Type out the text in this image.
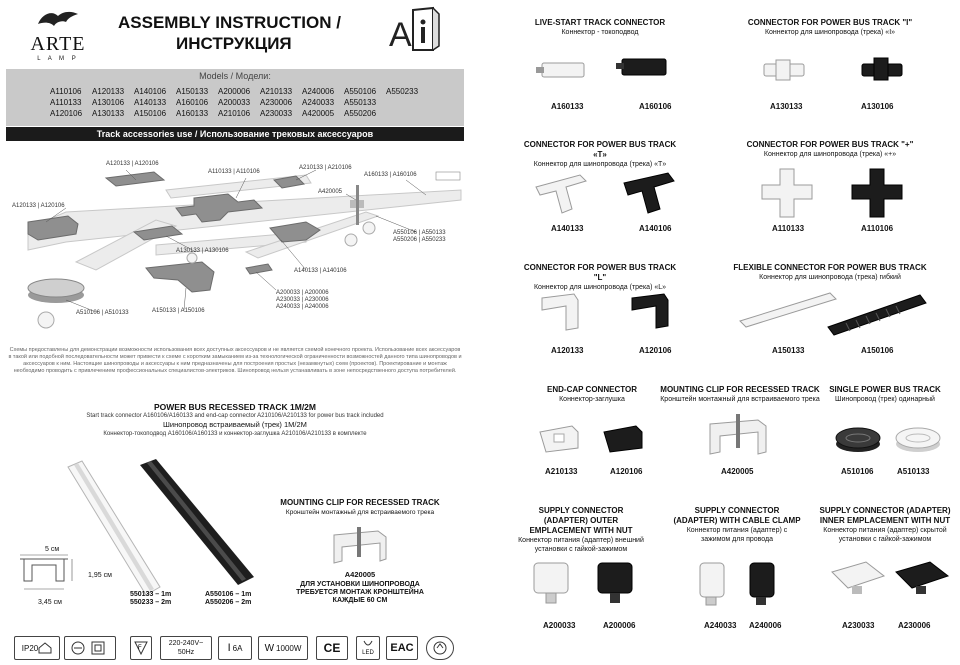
ARTE
L A M P
ASSEMBLY INSTRUCTION /
ИНСТРУКЦИЯ	A
Models / Модели:
A110106	A120133	A140106	A150133	A200006	A210133	A240006	A550106	A550233
A110133	A130106	A140133	A160106	A200033	A230006	A240033	A550133
A120106	A130133	A150106	A160133	A210106	A230033	A420005	A550206
Track accessories use / Использование трековых аксессуаров
A120133 | A120106
A110133 | A110106
A210133 | A210106
A160133 | A160106
A120133 | A120106
A420005
A550106 | A550133
A550206 | A550233
A130133 | A130106
A140133 | A140106
A200033 | A200006
A230033 | A230006
A240033 | A240006
A510106 | A510133	A150133 | A150106
Схемы предоставлены для демонстрации возможности использования всех доступных аксессуаров и не является схемой конечного проекта. Использование всех аксессуаров в такой или подобной последовательности может привести к схеме с коротким замыканием из-за технологической ограниченности возможностей данного типа шинопроводов и аксессуаров к ним. Настоящие шинопроводы и аксессуары к ним предназначены для построения простых (незамкнутых) схем (проектов). Проектирование и монтаж необходимо проводить с привлечением профессиональных специалистов-электриков. Шинопровод нельзя устанавливать в зоне непосредственного доступа потребителей.
POWER BUS RECESSED TRACK 1M/2M
Start track connector A160106/A160133 and end-cap connector A210106/A210133 for power bus track included
Шинопровод встраиваемый (трек) 1М/2М
Коннектор-токоподвод A160106/A160133 и коннектор-заглушка A210106/A210133 в комплекте
5 см
1,95 см
3,45 см
550133 – 1m
550233 – 2m
A550106 – 1m
A550206 – 2m
MOUNTING CLIP FOR RECESSED TRACK
Кронштейн монтажный для встраиваемого трека
A420005
ДЛЯ УСТАНОВКИ ШИНОПРОВОДА
ТРЕБУЕТСЯ МОНТАЖ КРОНШТЕЙНА
КАЖДЫЕ 60 СМ
IP20	F
220-240V~
50Hz	I 6A W 1000W	CE	LED	EAC
LIVE-START TRACK CONNECTOR
Коннектор - токоподвод
A160133	A160106
CONNECTOR FOR POWER BUS TRACK "I"
Коннектор для шинопровода (трека) «I»
A130133	A130106
CONNECTOR FOR POWER BUS TRACK «T»
Коннектор для шинопровода (трека) «T»
A140133	A140106
CONNECTOR FOR POWER BUS TRACK "+"
Коннектор для шинопровода (трека) «+»
A110133	A110106
CONNECTOR FOR POWER BUS TRACK "L"
Коннектор для шинопровода (трека) «L»
A120133	A120106
FLEXIBLE CONNECTOR FOR POWER BUS TRACK
Коннектор для шинопровода (трека) гибкий
A150133	A150106
END-CAP CONNECTOR
Коннектор-заглушка
A210133	A120106
MOUNTING CLIP FOR RECESSED TRACK
Кронштейн монтажный для встраиваемого трека
A420005
SINGLE POWER BUS TRACK
Шинопровод (трек) одинарный
A510106	A510133
SUPPLY CONNECTOR (ADAPTER) OUTER EMPLACEMENT WITH NUT
Коннектор питания (адаптер) внешний установки с гайкой-зажимом
A200033	A200006
SUPPLY CONNECTOR (ADAPTER) WITH CABLE CLAMP
Коннектор питания (адаптер) с зажимом для провода
A240033 A240006
SUPPLY CONNECTOR (ADAPTER) INNER EMPLACEMENT WITH NUT
Коннектор питания (адаптер) скрытой установки с гайкой-зажимом
A230033	A230006
